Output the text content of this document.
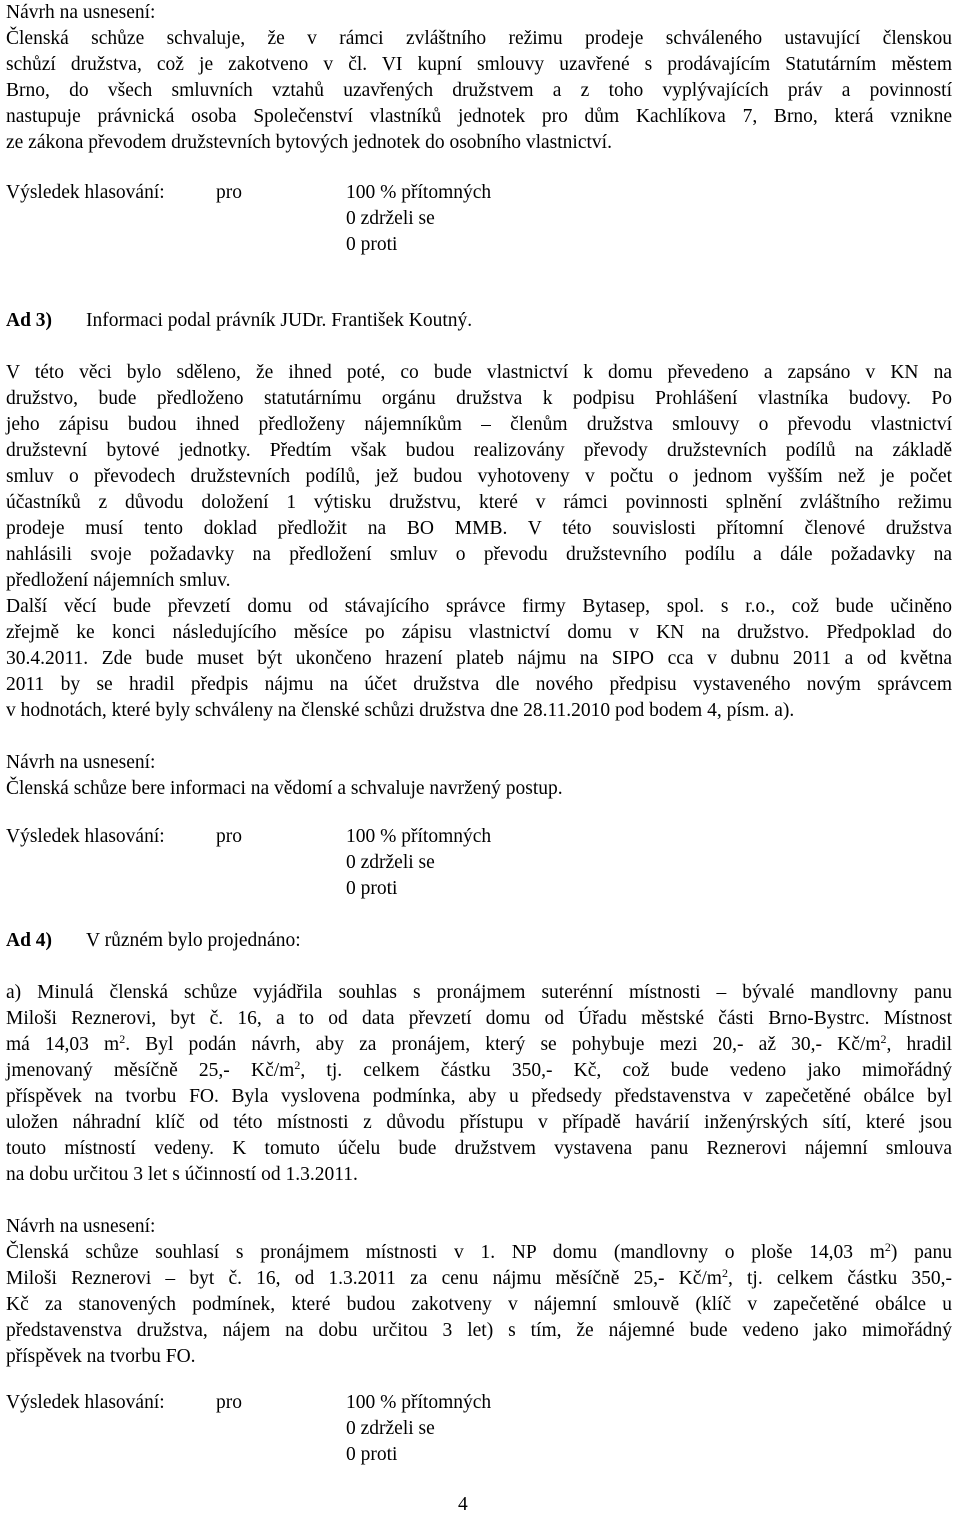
Návrh na usnesení:
Členská schůze schvaluje, že v rámci zvláštního režimu prodeje schváleného ustavující členskou
schůzí družstva, což je zakotveno v čl. VI kupní smlouvy uzavřené s prodávajícím Statutárním městem
Brno, do všech smluvních vztahů uzavřených družstvem a z toho vyplývajících práv a povinností
nastupuje právnická osoba Společenství vlastníků jednotek pro dům Kachlíkova 7, Brno, která vznikne
ze zákona převodem družstevních bytových jednotek do osobního vlastnictví.
Výsledek hlasování:	pro	100 % přítomných
0 zdrželi se
0 proti
Ad 3) Informaci podal právník JUDr. František Koutný.
V této věci bylo sděleno, že ihned poté, co bude vlastnictví k domu převedeno a zapsáno v KN na
družstvo, bude předloženo statutárnímu orgánu družstva k podpisu Prohlášení vlastníka budovy. Po
jeho zápisu budou ihned předloženy nájemníkům – členům družstva smlouvy o převodu vlastnictví
družstevní bytové jednotky. Předtím však budou realizovány převody družstevních podílů na základě
smluv o převodech družstevních podílů, jež budou vyhotoveny v počtu o jednom vyšším než je počet
účastníků z důvodu doložení 1 výtisku družstvu, které v rámci povinnosti splnění zvláštního režimu
prodeje musí tento doklad předložit na BO MMB. V této souvislosti přítomní členové družstva
nahlásili svoje požadavky na předložení smluv o převodu družstevního podílu a dále požadavky na
předložení nájemních smluv.
Další věcí bude převzetí domu od stávajícího správce firmy Bytasep, spol. s r.o., což bude učiněno
zřejmě ke konci následujícího měsíce po zápisu vlastnictví domu v KN na družstvo. Předpoklad do
30.4.2011. Zde bude muset být ukončeno hrazení plateb nájmu na SIPO cca v dubnu 2011 a od května
2011 by se hradil předpis nájmu na účet družstva dle nového předpisu vystaveného novým správcem
v hodnotách, které byly schváleny na členské schůzi družstva dne 28.11.2010 pod bodem 4, písm. a).
Návrh na usnesení:
Členská schůze bere informaci na vědomí a schvaluje navržený postup.
Výsledek hlasování:	pro	100 % přítomných
0 zdrželi se
0 proti
Ad 4) V různém bylo projednáno:
a) Minulá členská schůze vyjádřila souhlas s pronájmem suterénní místnosti – bývalé mandlovny panu
Miloši Reznerovi, byt č. 16, a to od data převzetí domu od Úřadu městské části Brno-Bystrc. Místnost
má 14,03 $m^2$. Byl podán návrh, aby za pronájem, který se pohybuje mezi 20,- až 30,- $Kč/m^2$, hradil
jmenovaný měsíčně 25,- $Kč/m^2$, tj. celkem částku 350,- Kč, což bude vedeno jako mimořádný
příspěvek na tvorbu FO. Byla vyslovena podmínka, aby u předsedy představenstva v zapečetěné obálce byl
uložen náhradní klíč od této místnosti z důvodu přístupu v případě havárií inženýrských sítí, které jsou
touto místností vedeny. K tomuto účelu bude družstvem vystavena panu Reznerovi nájemní smlouva
na dobu určitou 3 let s účinností od 1.3.2011.
Návrh na usnesení:
Členská schůze souhlasí s pronájmem místnosti v 1. NP domu (mandlovny o ploše 14,03 $m^2$) panu
Miloši Reznerovi – byt č. 16, od 1.3.2011 za cenu nájmu měsíčně 25,- $Kč/m^2$, tj. celkem částku 350,-
Kč za stanovených podmínek, které budou zakotveny v nájemní smlouvě (klíč v zapečetěné obálce u
představenstva družstva, nájem na dobu určitou 3 let) s tím, že nájemné bude vedeno jako mimořádný
příspěvek na tvorbu FO.
Výsledek hlasování:	pro	100 % přítomných
0 zdrželi se
0 proti
4
